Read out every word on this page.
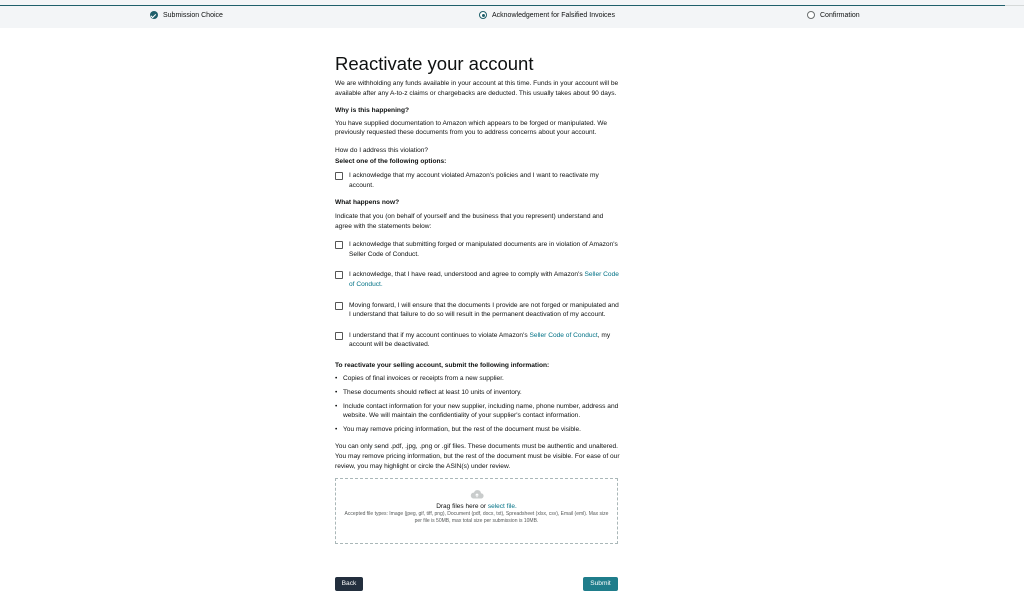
Submission Choice	Acknowledgement for Falsified Invoices	Confirmation
Reactivate your account

We are withholding any funds available in your account at this time. Funds in your account will be available after any A-to-z claims or chargebacks are deducted. This usually takes about 90 days.

Why is this happening?

You have supplied documentation to Amazon which appears to be forged or manipulated. We previously requested these documents from you to address concerns about your account.

How do I address this violation?

Select one of the following options:

I acknowledge that my account violated Amazon's policies and I want to reactivate my account.

What happens now?

Indicate that you (on behalf of yourself and the business that you represent) understand and agree with the statements below:

I acknowledge that submitting forged or manipulated documents are in violation of Amazon's Seller Code of Conduct.
I acknowledge, that I have read, understood and agree to comply with Amazon's Seller Code of Conduct.
Moving forward, I will ensure that the documents I provide are not forged or manipulated and I understand that failure to do so will result in the permanent deactivation of my account.
I understand that if my account continues to violate Amazon's Seller Code of Conduct, my account will be deactivated.

To reactivate your selling account, submit the following information:

• Copies of final invoices or receipts from a new supplier.
• These documents should reflect at least 10 units of inventory.
• Include contact information for your new supplier, including name, phone number, address and website. We will maintain the confidentiality of your supplier's contact information.
• You may remove pricing information, but the rest of the document must be visible.

You can only send .pdf, .jpg, .png or .gif files. These documents must be authentic and unaltered. You may remove pricing information, but the rest of the document must be visible. For ease of our review, you may highlight or circle the ASIN(s) under review.

Drag files here or select file.
Accepted file types: Image (jpeg, gif, tiff, png), Document (pdf, docx, txt), Spreadsheet (xlsx, csv), Email (eml). Max size per file is 50MB, max total size per submission is 10MB.
Back	Submit
